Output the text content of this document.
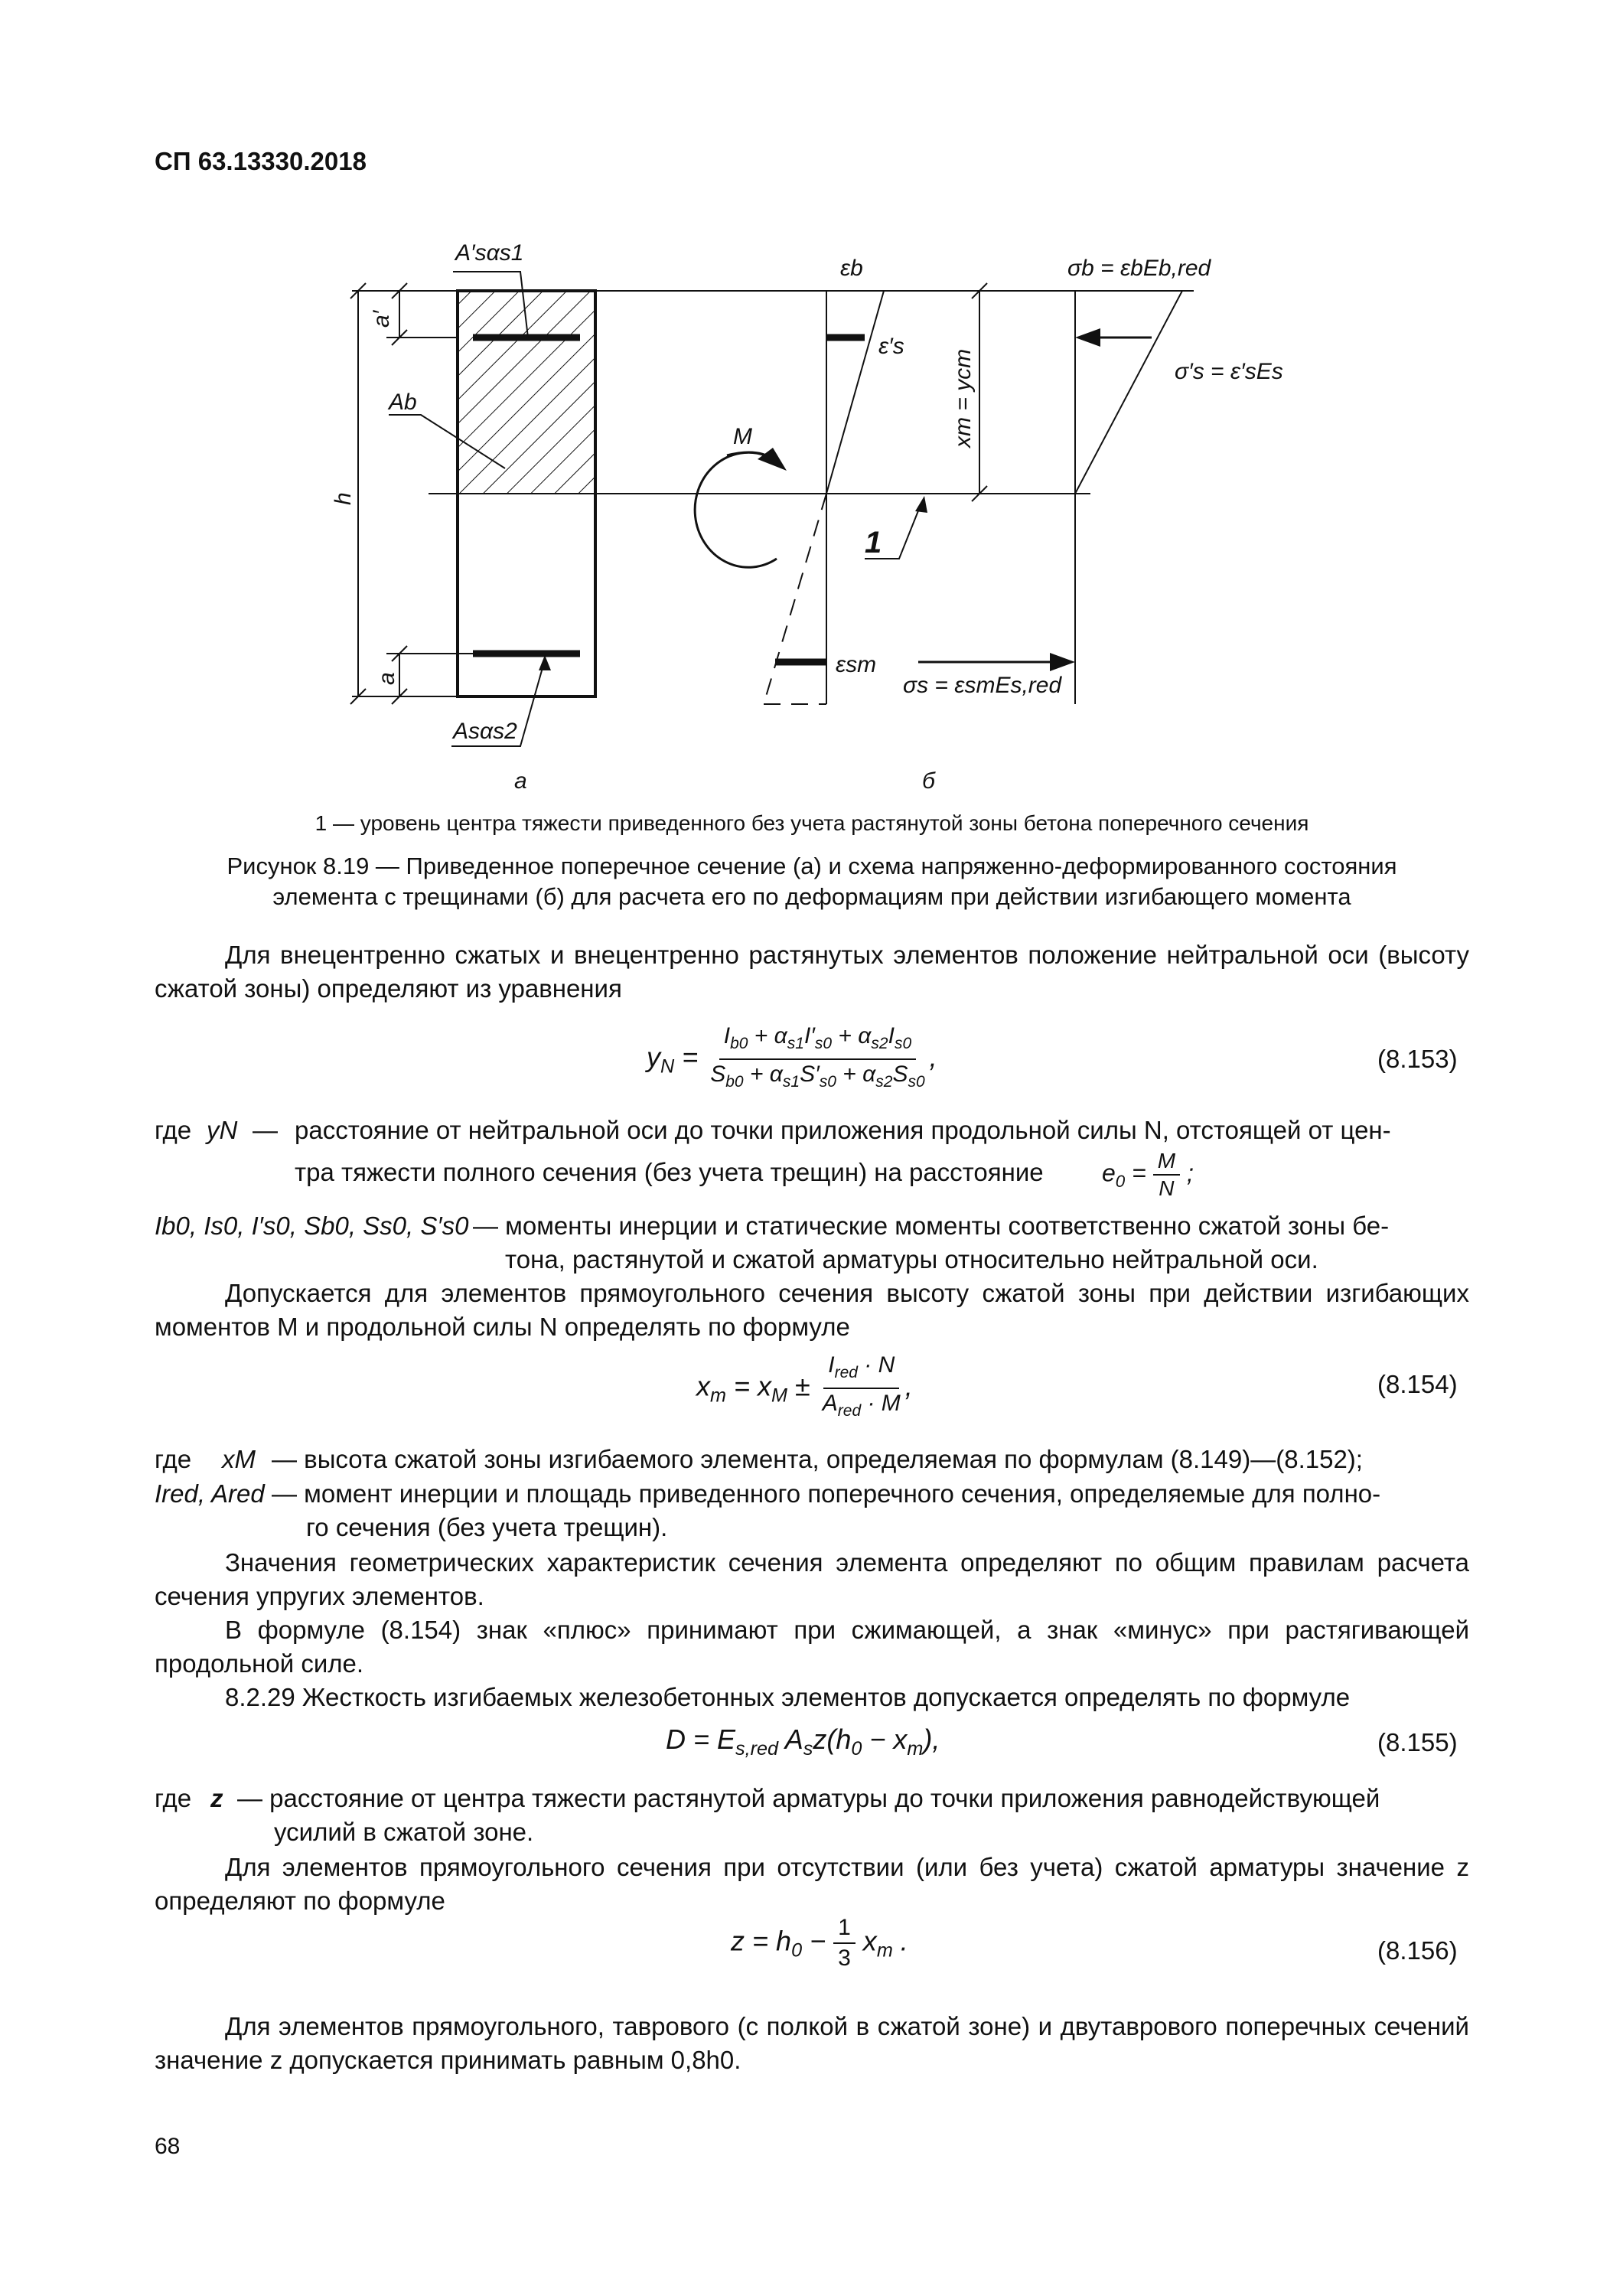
СП 63.13330.2018
A′sαs1
a′
Ab
h
a
Asαs2
M
εb
ε′s
εsm
xm = ycm
σb = εbEb,red
σ′s = ε′sEs
σs = εsmEs,red
1
а	б
1 — уровень центра тяжести приведенного без учета растянутой зоны бетона поперечного сечения
Рисунок 8.19 — Приведенное поперечное сечение (а) и схема напряженно-деформированного состояния
элемента с трещинами (б) для расчета его по деформациям при действии изгибающего момента
Для внецентренно сжатых и внецентренно растянутых элементов положение нейтральной оси (высоту сжатой зоны) определяют из уравнения
$y_N = \frac{I_{b0} + \alpha_{s1}I'_{s0} + \alpha_{s2}I_{s0}}{S_{b0} + \alpha_{s1}S'_{s0} + \alpha_{s2}S_{s0}}$ ,	(8.153)
где yN — расстояние от нейтральной оси до точки приложения продольной силы N, отстоящей от цен-
тра тяжести полного сечения (без учета трещин) на расстояние $e_0 = \frac{M}{N}$ ;
Ib0, Is0, I′s0, Sb0, Ss0, S′s0 — моменты инерции и статические моменты соответственно сжатой зоны бе-
тона, растянутой и сжатой арматуры относительно нейтральной оси.
Допускается для элементов прямоугольного сечения высоту сжатой зоны при действии изгибающих моментов M и продольной силы N определять по формуле
$x_m = x_M \pm \frac{I_{red} \cdot N}{A_{red} \cdot M}$ ,	(8.154)
где xM — высота сжатой зоны изгибаемого элемента, определяемая по формулам (8.149)—(8.152);
Ired, Ared — момент инерции и площадь приведенного поперечного сечения, определяемые для полно-
го сечения (без учета трещин).
Значения геометрических характеристик сечения элемента определяют по общим правилам расчета сечения упругих элементов.
В формуле (8.154) знак «плюс» принимают при сжимающей, а знак «минус» при растягивающей продольной силе.
8.2.29 Жесткость изгибаемых железобетонных элементов допускается определять по формуле
$D = E_{s,red}$ $A_sz(h_0 - x_m)$,	(8.155)
где z — расстояние от центра тяжести растянутой арматуры до точки приложения равнодействующей
усилий в сжатой зоне.
Для элементов прямоугольного сечения при отсутствии (или без учета) сжатой арматуры значение z определяют по формуле
$z = h_0 - \frac{1}{3} x_m$ .	(8.156)
Для элементов прямоугольного, таврового (с полкой в сжатой зоне) и двутаврового поперечных сечений значение z допускается принимать равным 0,8h0.
68
